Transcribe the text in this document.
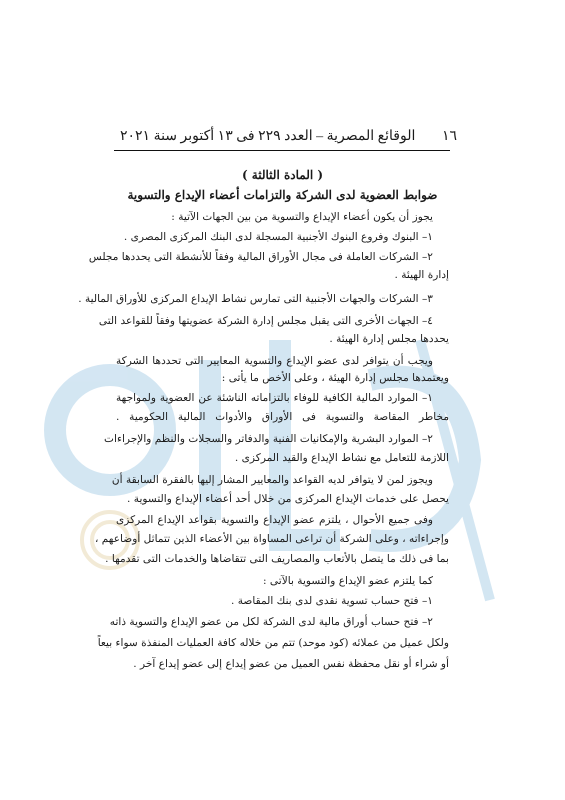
١٦
الوقائع المصرية – العدد ٢٢٩ فى ١٣ أكتوبر سنة ٢٠٢١
( المادة الثالثة )
ضوابط العضوية لدى الشركة والتزامات أعضاء الإيداع والتسوية
يجوز أن يكون أعضاء الإيداع والتسوية من بين الجهات الآتية :
١– البنوك وفروع البنوك الأجنبية المسجلة لدى البنك المركزى المصرى .
٢– الشركات العاملة فى مجال الأوراق المالية وفقاً للأنشطة التى يحددها مجلس
إدارة الهيئة .
٣– الشركات والجهات الأجنبية التى تمارس نشاط الإيداع المركزى للأوراق المالية .
٤– الجهات الأخرى التى يقبل مجلس إدارة الشركة عضويتها وفقاً للقواعد التى
يحددها مجلس إدارة الهيئة .
ويجب أن يتوافر لدى عضو الإيداع والتسوية المعايير التى تحددها الشركة
ويعتمدها مجلس إدارة الهيئة ، وعلى الأخص ما يأتى :
١– الموارد المالية الكافية للوفاء بالتزاماته الناشئة عن العضوية ولمواجهة
مخاطر المقاصة والتسوية فى الأوراق والأدوات المالية الحكومية .
٢– الموارد البشرية والإمكانيات الفنية والدفاتر والسجلات والنظم والإجراءات
اللازمة للتعامل مع نشاط الإيداع والقيد المركزى .
ويجوز لمن لا يتوافر لديه القواعد والمعايير المشار إليها بالفقرة السابقة أن
يحصل على خدمات الإيداع المركزى من خلال أحد أعضاء الإيداع والتسوية .
وفى جميع الأحوال ، يلتزم عضو الإيداع والتسوية بقواعد الإيداع المركزى
وإجراءاته ، وعلى الشركة أن تراعى المساواة بين الأعضاء الذين تتماثل أوضاعهم ،
بما فى ذلك ما يتصل بالأتعاب والمصاريف التى تتقاضاها والخدمات التى تقدمها .
كما يلتزم عضو الإيداع والتسوية بالآتى :
١– فتح حساب تسوية نقدى لدى بنك المقاصة .
٢– فتح حساب أوراق مالية لدى الشركة لكل من عضو الإيداع والتسوية ذاته
ولكل عميل من عملائه (كود موحد) تتم من خلاله كافة العمليات المنفذة سواء بيعاً
أو شراء أو نقل محفظة نفس العميل من عضو إيداع إلى عضو إيداع آخر .
